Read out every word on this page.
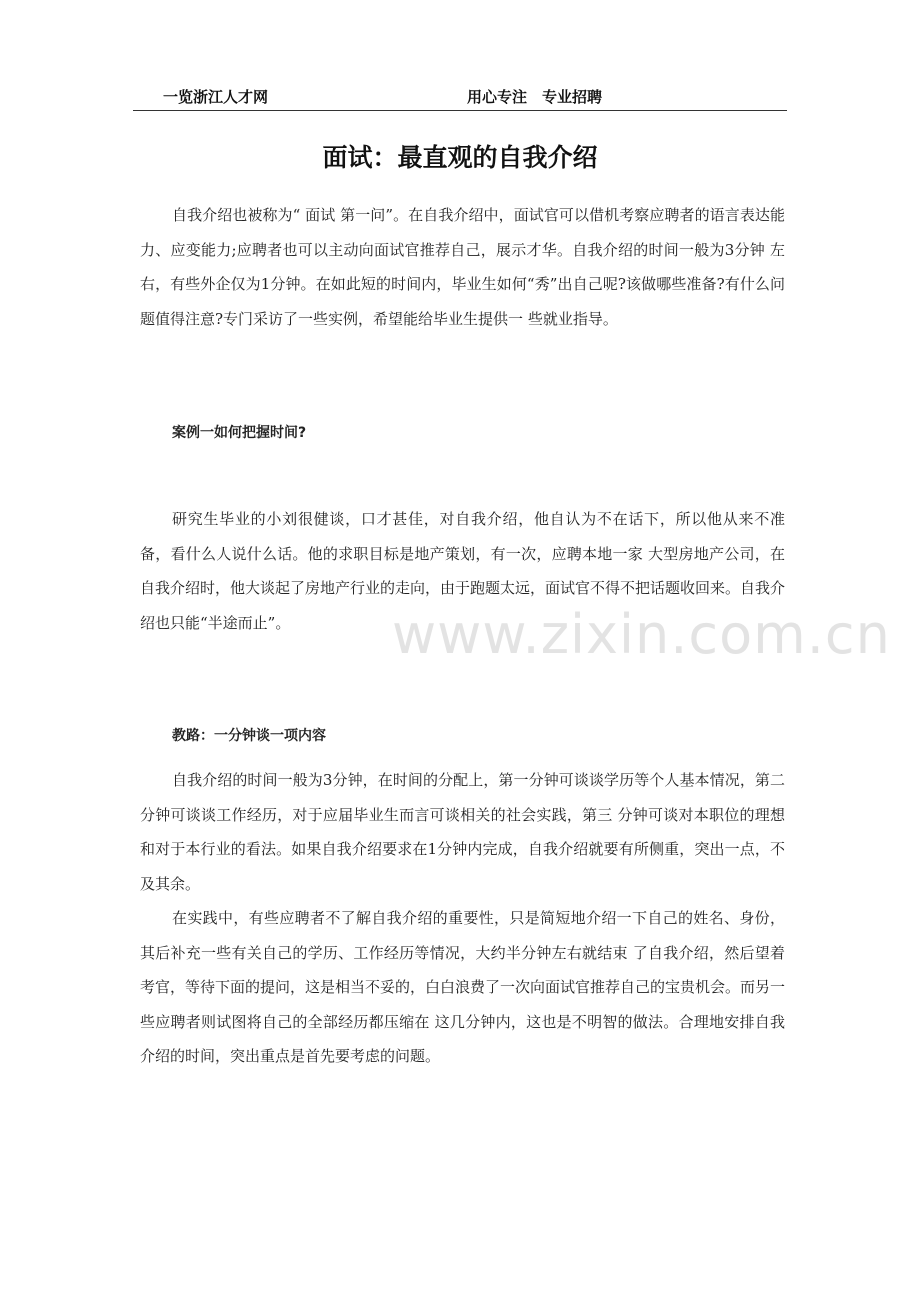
一览浙江人才网	用心专注　专业招聘
面试：最直观的自我介绍

自我介绍也被称为“ 面试 第一问”。在自我介绍中，面试官可以借机考察应聘者的语言表达能力、应变能力;应聘者也可以主动向面试官推荐自己，展示才华。自我介绍的时间一般为3分钟 左右，有些外企仅为1分钟。在如此短的时间内，毕业生如何“秀”出自己呢?该做哪些准备?有什么问题值得注意?专门采访了一些实例，希望能给毕业生提供一 些就业指导。

案例一如何把握时间?

研究生毕业的小刘很健谈，口才甚佳，对自我介绍，他自认为不在话下，所以他从来不准备，看什么人说什么话。他的求职目标是地产策划，有一次，应聘本地一家 大型房地产公司，在自我介绍时，他大谈起了房地产行业的走向，由于跑题太远，面试官不得不把话题收回来。自我介绍也只能“半途而止”。

教路：一分钟谈一项内容

自我介绍的时间一般为3分钟，在时间的分配上，第一分钟可谈谈学历等个人基本情况，第二分钟可谈谈工作经历，对于应届毕业生而言可谈相关的社会实践，第三 分钟可谈对本职位的理想和对于本行业的看法。如果自我介绍要求在1分钟内完成，自我介绍就要有所侧重，突出一点，不及其余。

在实践中，有些应聘者不了解自我介绍的重要性，只是简短地介绍一下自己的姓名、身份，其后补充一些有关自己的学历、工作经历等情况，大约半分钟左右就结束 了自我介绍，然后望着考官，等待下面的提问，这是相当不妥的，白白浪费了一次向面试官推荐自己的宝贵机会。而另一些应聘者则试图将自己的全部经历都压缩在 这几分钟内，这也是不明智的做法。合理地安排自我介绍的时间，突出重点是首先要考虑的问题。

www.zixin.com.cn
